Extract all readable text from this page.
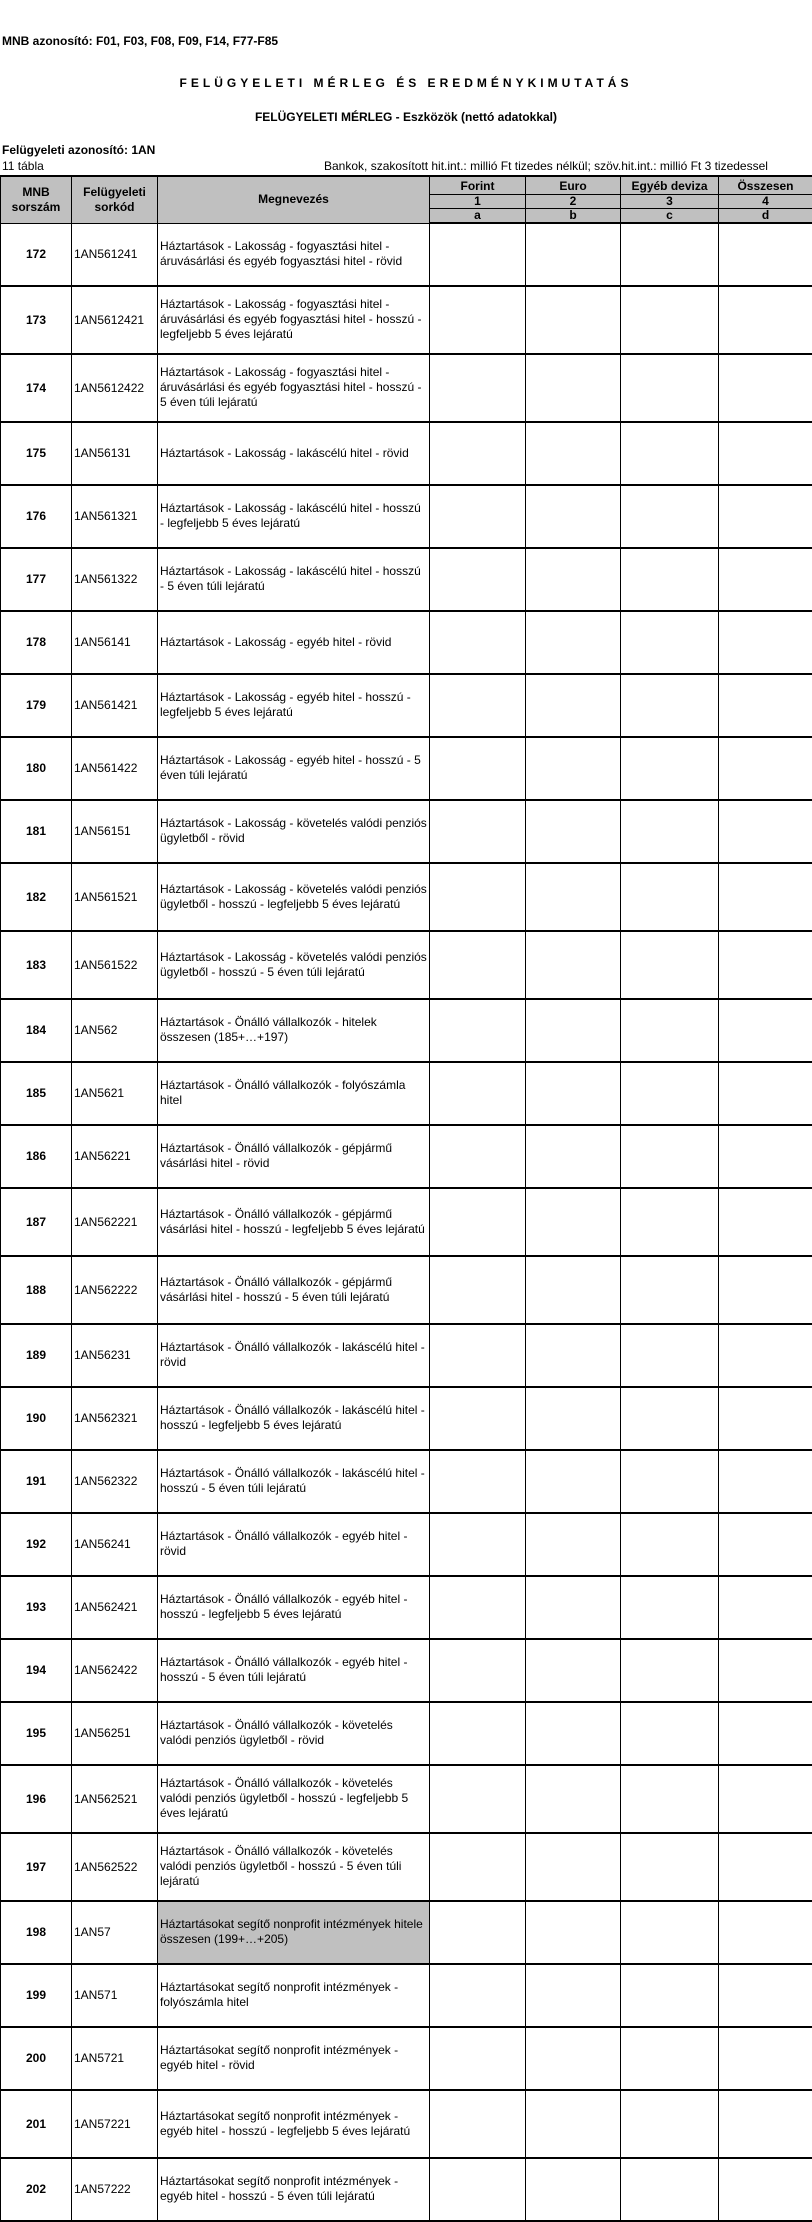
MNB azonosító: F01, F03, F08, F09, F14, F77-F85
FELÜGYELETI MÉRLEG ÉS EREDMÉNYKIMUTATÁS
FELÜGYELETI MÉRLEG - Eszközök (nettó adatokkal)
Felügyeleti azonosító: 1AN
11 tábla	Bankok, szakosított hit.int.: millió Ft tizedes nélkül; szöv.hit.int.: millió Ft 3 tizedessel
MNB sorszám	Felügyeleti sorkód	Megnevezés	Forint	Euro	Egyéb deviza	Összesen
			1	2	3	4
			a	b	c	d
172	1AN561241	Háztartások - Lakosság - fogyasztási hitel - áruvásárlási és egyéb fogyasztási hitel - rövid				
173	1AN5612421	Háztartások - Lakosság - fogyasztási hitel - áruvásárlási és egyéb fogyasztási hitel - hosszú - legfeljebb 5 éves lejáratú				
174	1AN5612422	Háztartások - Lakosság - fogyasztási hitel - áruvásárlási és egyéb fogyasztási hitel - hosszú - 5 éven túli lejáratú				
175	1AN56131	Háztartások - Lakosság - lakáscélú hitel - rövid				
176	1AN561321	Háztartások - Lakosság - lakáscélú hitel - hosszú - legfeljebb 5 éves lejáratú				
177	1AN561322	Háztartások - Lakosság - lakáscélú hitel - hosszú - 5 éven túli lejáratú				
178	1AN56141	Háztartások - Lakosság - egyéb hitel - rövid				
179	1AN561421	Háztartások - Lakosság - egyéb hitel - hosszú - legfeljebb 5 éves lejáratú				
180	1AN561422	Háztartások - Lakosság - egyéb hitel - hosszú - 5 éven túli lejáratú				
181	1AN56151	Háztartások - Lakosság - követelés valódi penziós ügyletből - rövid				
182	1AN561521	Háztartások - Lakosság - követelés valódi penziós ügyletből - hosszú - legfeljebb 5 éves lejáratú				
183	1AN561522	Háztartások - Lakosság - követelés valódi penziós ügyletből - hosszú - 5 éven túli lejáratú				
184	1AN562	Háztartások - Önálló vállalkozók - hitelek összesen (185+…+197)				
185	1AN5621	Háztartások - Önálló vállalkozók - folyószámla hitel				
186	1AN56221	Háztartások - Önálló vállalkozók - gépjármű vásárlási hitel - rövid				
187	1AN562221	Háztartások - Önálló vállalkozók - gépjármű vásárlási hitel - hosszú - legfeljebb 5 éves lejáratú				
188	1AN562222	Háztartások - Önálló vállalkozók - gépjármű vásárlási hitel - hosszú - 5 éven túli lejáratú				
189	1AN56231	Háztartások - Önálló vállalkozók - lakáscélú hitel - rövid				
190	1AN562321	Háztartások - Önálló vállalkozók - lakáscélú hitel - hosszú - legfeljebb 5 éves lejáratú				
191	1AN562322	Háztartások - Önálló vállalkozók - lakáscélú hitel - hosszú - 5 éven túli lejáratú				
192	1AN56241	Háztartások - Önálló vállalkozók - egyéb hitel - rövid				
193	1AN562421	Háztartások - Önálló vállalkozók - egyéb hitel - hosszú - legfeljebb 5 éves lejáratú				
194	1AN562422	Háztartások - Önálló vállalkozók - egyéb hitel - hosszú - 5 éven túli lejáratú				
195	1AN56251	Háztartások - Önálló vállalkozók - követelés valódi penziós ügyletből - rövid				
196	1AN562521	Háztartások - Önálló vállalkozók - követelés valódi penziós ügyletből - hosszú - legfeljebb 5 éves lejáratú				
197	1AN562522	Háztartások - Önálló vállalkozók - követelés valódi penziós ügyletből - hosszú - 5 éven túli lejáratú				
198	1AN57	Háztartásokat segítő nonprofit intézmények hitele összesen (199+…+205)				
199	1AN571	Háztartásokat segítő nonprofit intézmények - folyószámla hitel				
200	1AN5721	Háztartásokat segítő nonprofit intézmények - egyéb hitel - rövid				
201	1AN57221	Háztartásokat segítő nonprofit intézmények - egyéb hitel - hosszú - legfeljebb 5 éves lejáratú				
202	1AN57222	Háztartásokat segítő nonprofit intézmények - egyéb hitel - hosszú - 5 éven túli lejáratú				
